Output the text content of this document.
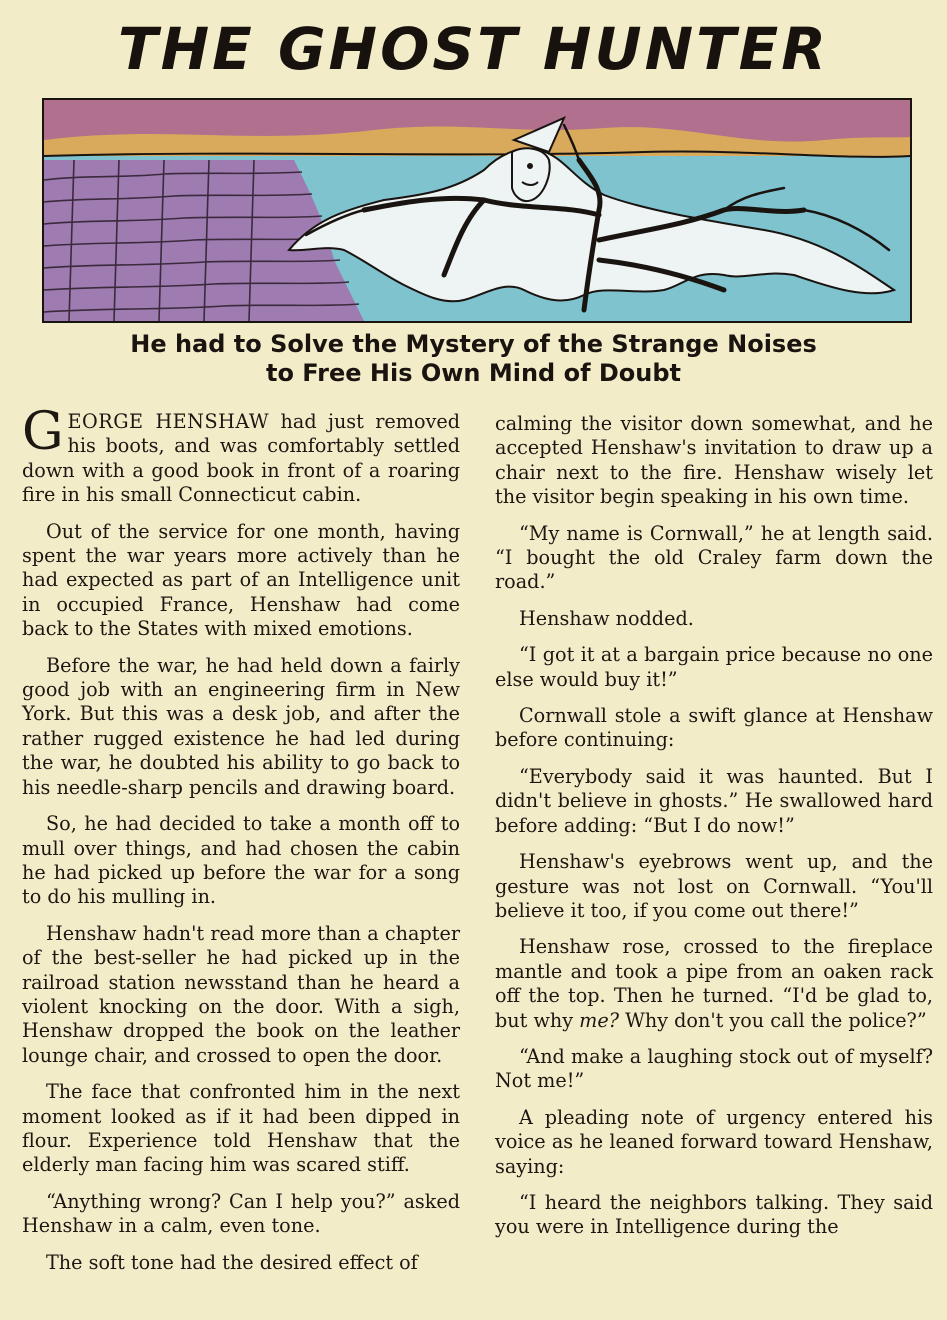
THE GHOST HUNTER
He had to Solve the Mystery of the Strange Noises
to Free His Own Mind of Doubt

GEORGE HENSHAW had just removed his boots, and was comfortably settled down with a good book in front of a roaring fire in his small Connecticut cabin.

Out of the service for one month, having spent the war years more actively than he had expected as part of an Intelligence unit in occupied France, Henshaw had come back to the States with mixed emotions.

Before the war, he had held down a fairly good job with an engineering firm in New York. But this was a desk job, and after the rather rugged existence he had led during the war, he doubted his ability to go back to his needle-sharp pencils and drawing board.

So, he had decided to take a month off to mull over things, and had chosen the cabin he had picked up before the war for a song to do his mulling in.

Henshaw hadn't read more than a chapter of the best-seller he had picked up in the railroad station newsstand than he heard a violent knocking on the door. With a sigh, Henshaw dropped the book on the leather lounge chair, and crossed to open the door.

The face that confronted him in the next moment looked as if it had been dipped in flour. Experience told Henshaw that the elderly man facing him was scared stiff.

“Anything wrong? Can I help you?” asked Henshaw in a calm, even tone.

The soft tone had the desired effect of

calming the visitor down somewhat, and he accepted Henshaw's invitation to draw up a chair next to the fire. Henshaw wisely let the visitor begin speaking in his own time.

“My name is Cornwall,” he at length said. “I bought the old Craley farm down the road.”

Henshaw nodded.

“I got it at a bargain price because no one else would buy it!”

Cornwall stole a swift glance at Henshaw before continuing:

“Everybody said it was haunted. But I didn't believe in ghosts.” He swallowed hard before adding: “But I do now!”

Henshaw's eyebrows went up, and the gesture was not lost on Cornwall. “You'll believe it too, if you come out there!”

Henshaw rose, crossed to the fireplace mantle and took a pipe from an oaken rack off the top. Then he turned. “I'd be glad to, but why me? Why don't you call the police?”

“And make a laughing stock out of myself? Not me!”

A pleading note of urgency entered his voice as he leaned forward toward Henshaw, saying:

“I heard the neighbors talking. They said you were in Intelligence during the
